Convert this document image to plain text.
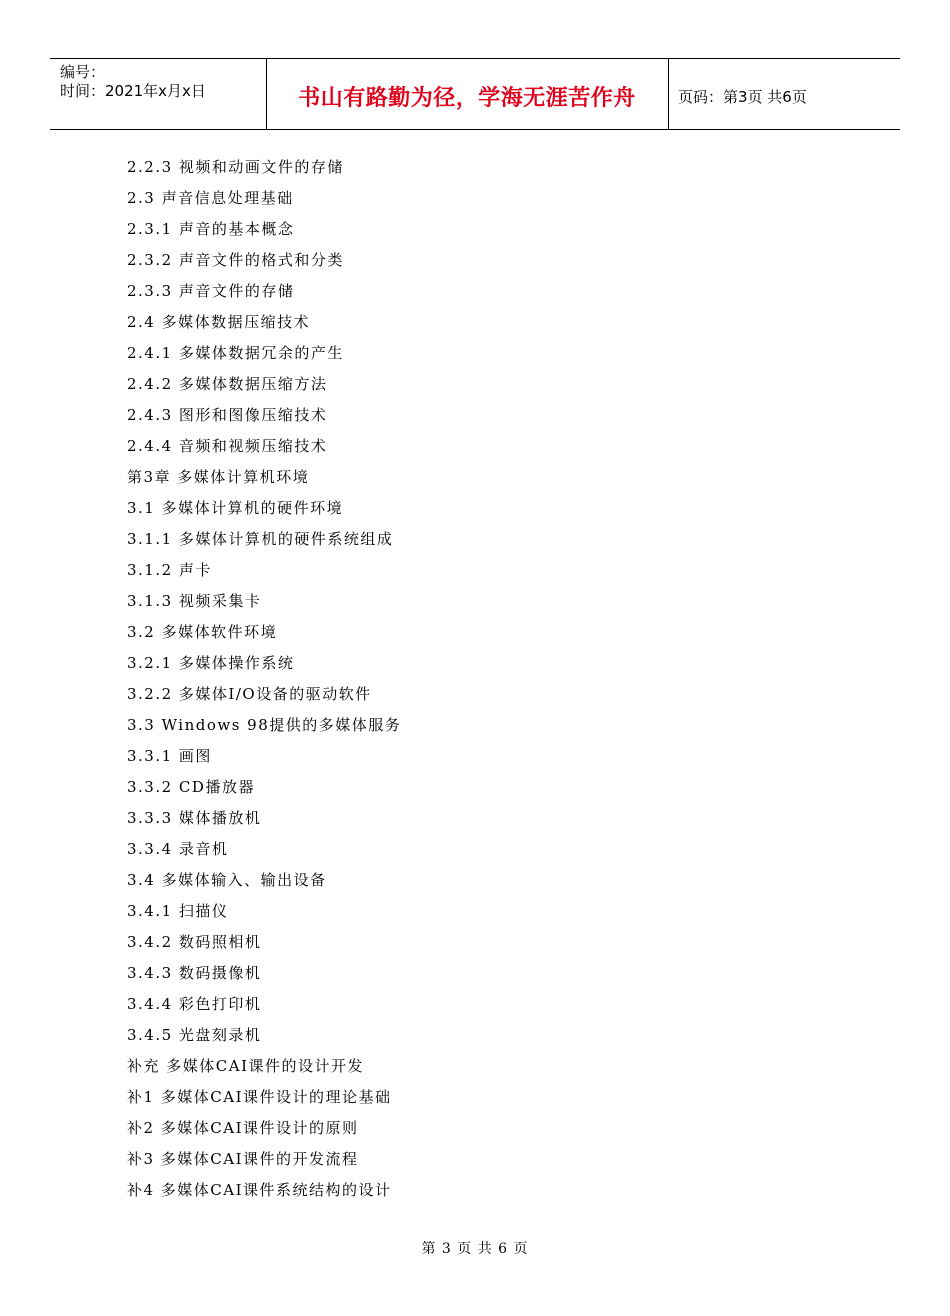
编号：
时间：2021年x月x日	书山有路勤为径，学海无涯苦作舟	页码：第3页 共6页
2.2.3 视频和动画文件的存储
2.3 声音信息处理基础
2.3.1 声音的基本概念
2.3.2 声音文件的格式和分类
2.3.3 声音文件的存储
2.4 多媒体数据压缩技术
2.4.1 多媒体数据冗余的产生
2.4.2 多媒体数据压缩方法
2.4.3 图形和图像压缩技术
2.4.4 音频和视频压缩技术
第3章 多媒体计算机环境
3.1 多媒体计算机的硬件环境
3.1.1 多媒体计算机的硬件系统组成
3.1.2 声卡
3.1.3 视频采集卡
3.2 多媒体软件环境
3.2.1 多媒体操作系统
3.2.2 多媒体I/O设备的驱动软件
3.3 Windows 98提供的多媒体服务
3.3.1 画图
3.3.2 CD播放器
3.3.3 媒体播放机
3.3.4 录音机
3.4 多媒体输入、输出设备
3.4.1 扫描仪
3.4.2 数码照相机
3.4.3 数码摄像机
3.4.4 彩色打印机
3.4.5 光盘刻录机
补充 多媒体CAI课件的设计开发
补1 多媒体CAI课件设计的理论基础
补2 多媒体CAI课件设计的原则
补3 多媒体CAI课件的开发流程
补4 多媒体CAI课件系统结构的设计
第 3 页 共 6 页
